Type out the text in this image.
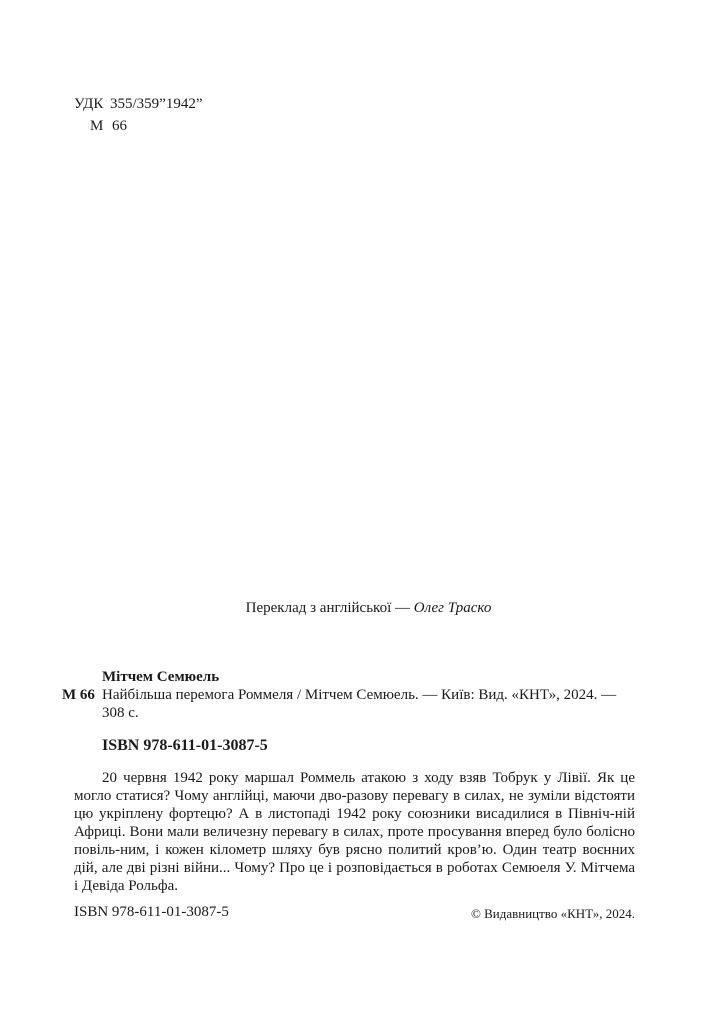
УДК 355/359”1942”
М 66
Переклад з англійської — Олег Траско
Мітчем Семюель
М 66 Найбільша перемога Роммеля / Мітчем Семюель. — Київ: Вид. «КНТ», 2024. —

308 с.

ISBN 978-611-01-3087-5

20 червня 1942 року маршал Роммель атакою з ходу взяв Тобрук у Лівії. Як це могло статися? Чому англійці, маючи дво-разову перевагу в силах, не зуміли відстояти цю укріплену фортецю? А в листопаді 1942 року союзники висадилися в Північ-ній Африці. Вони мали величезну перевагу в силах, проте просування вперед було болісно повіль-ним, і кожен кілометр шляху був рясно политий кров’ю. Один театр воєнних дій, але дві різні війни... Чому? Про це і розповідається в роботах Семюеля У. Мітчема і Девіда Рольфа.

ISBN 978-611-01-3087-5	© Видавництво «КНТ», 2024.
